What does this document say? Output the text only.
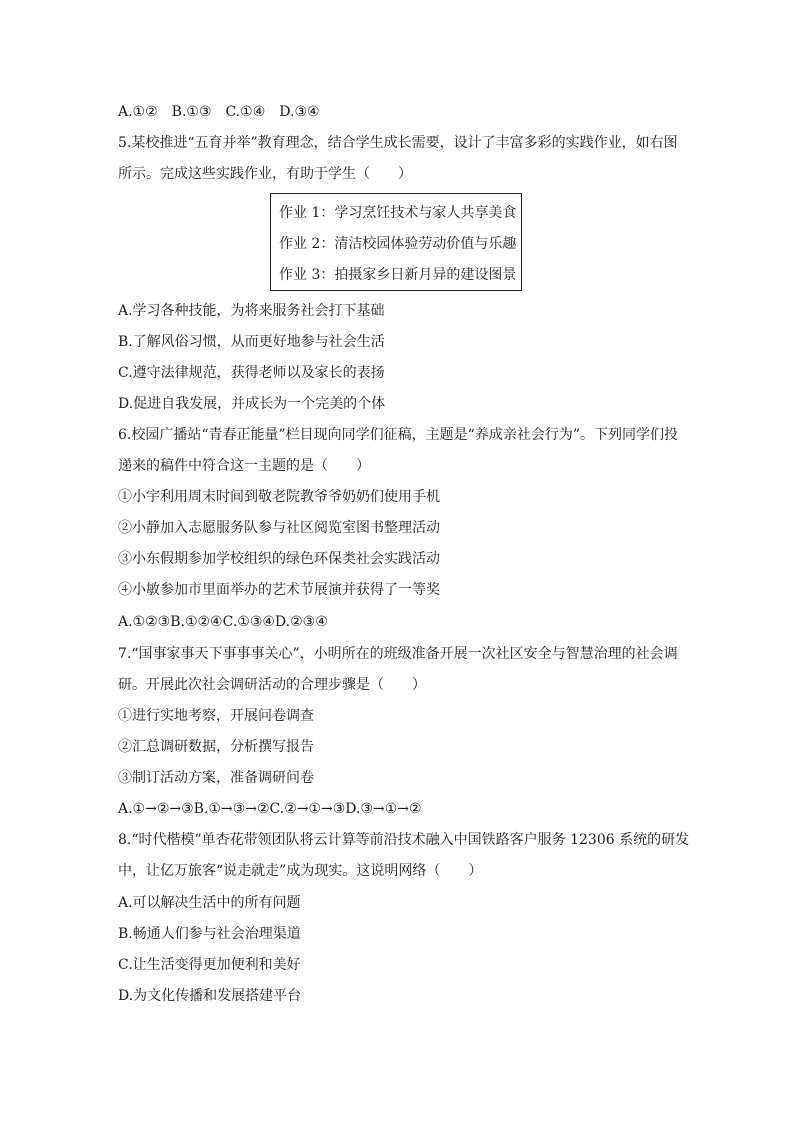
A.①②　B.①③　C.①④　D.③④
5.某校推进“五育并举”教育理念，结合学生成长需要，设计了丰富多彩的实践作业，如右图
所示。完成这些实践作业，有助于学生（　　）
作业 1：学习烹饪技术与家人共享美食
作业 2：清洁校园体验劳动价值与乐趣
作业 3：拍摄家乡日新月异的建设图景
A.学习各种技能，为将来服务社会打下基础
B.了解风俗习惯，从而更好地参与社会生活
C.遵守法律规范，获得老师以及家长的表扬
D.促进自我发展，并成长为一个完美的个体
6.校园广播站“青春正能量”栏目现向同学们征稿，主题是“养成亲社会行为”。下列同学们投
递来的稿件中符合这一主题的是（　　）
①小宇利用周末时间到敬老院教爷爷奶奶们使用手机
②小静加入志愿服务队参与社区阅览室图书整理活动
③小东假期参加学校组织的绿色环保类社会实践活动
④小敏参加市里面举办的艺术节展演并获得了一等奖
A.①②③B.①②④C.①③④D.②③④
7.“国事家事天下事事事关心”，小明所在的班级准备开展一次社区安全与智慧治理的社会调
研。开展此次社会调研活动的合理步骤是（　　）
①进行实地考察，开展问卷调查
②汇总调研数据，分析撰写报告
③制订活动方案，准备调研问卷
A.①→②→③B.①→③→②C.②→①→③D.③→①→②
8.“时代楷模”单杏花带领团队将云计算等前沿技术融入中国铁路客户服务 12306 系统的研发
中，让亿万旅客“说走就走”成为现实。这说明网络（　　）
A.可以解决生活中的所有问题
B.畅通人们参与社会治理渠道
C.让生活变得更加便利和美好
D.为文化传播和发展搭建平台
